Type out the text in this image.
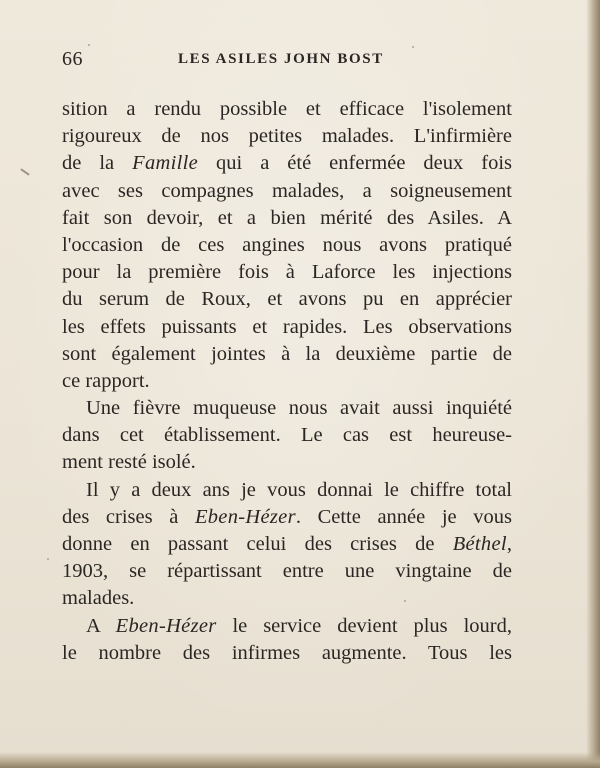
66	LES ASILES JOHN BOST
sition a rendu possible et efficace l'isolement
rigoureux de nos petites malades. L'infirmière
de la Famille qui a été enfermée deux fois
avec ses compagnes malades, a soigneusement
fait son devoir, et a bien mérité des Asiles. A
l'occasion de ces angines nous avons pratiqué
pour la première fois à Laforce les injections
du serum de Roux, et avons pu en apprécier
les effets puissants et rapides. Les observations
sont également jointes à la deuxième partie de
ce rapport.
Une fièvre muqueuse nous avait aussi inquiété
dans cet établissement. Le cas est heureuse-
ment resté isolé.
Il y a deux ans je vous donnai le chiffre total
des crises à Eben-Hézer. Cette année je vous
donne en passant celui des crises de Béthel,
1903, se répartissant entre une vingtaine de
malades.
A Eben-Hézer le service devient plus lourd,
le nombre des infirmes augmente. Tous les
